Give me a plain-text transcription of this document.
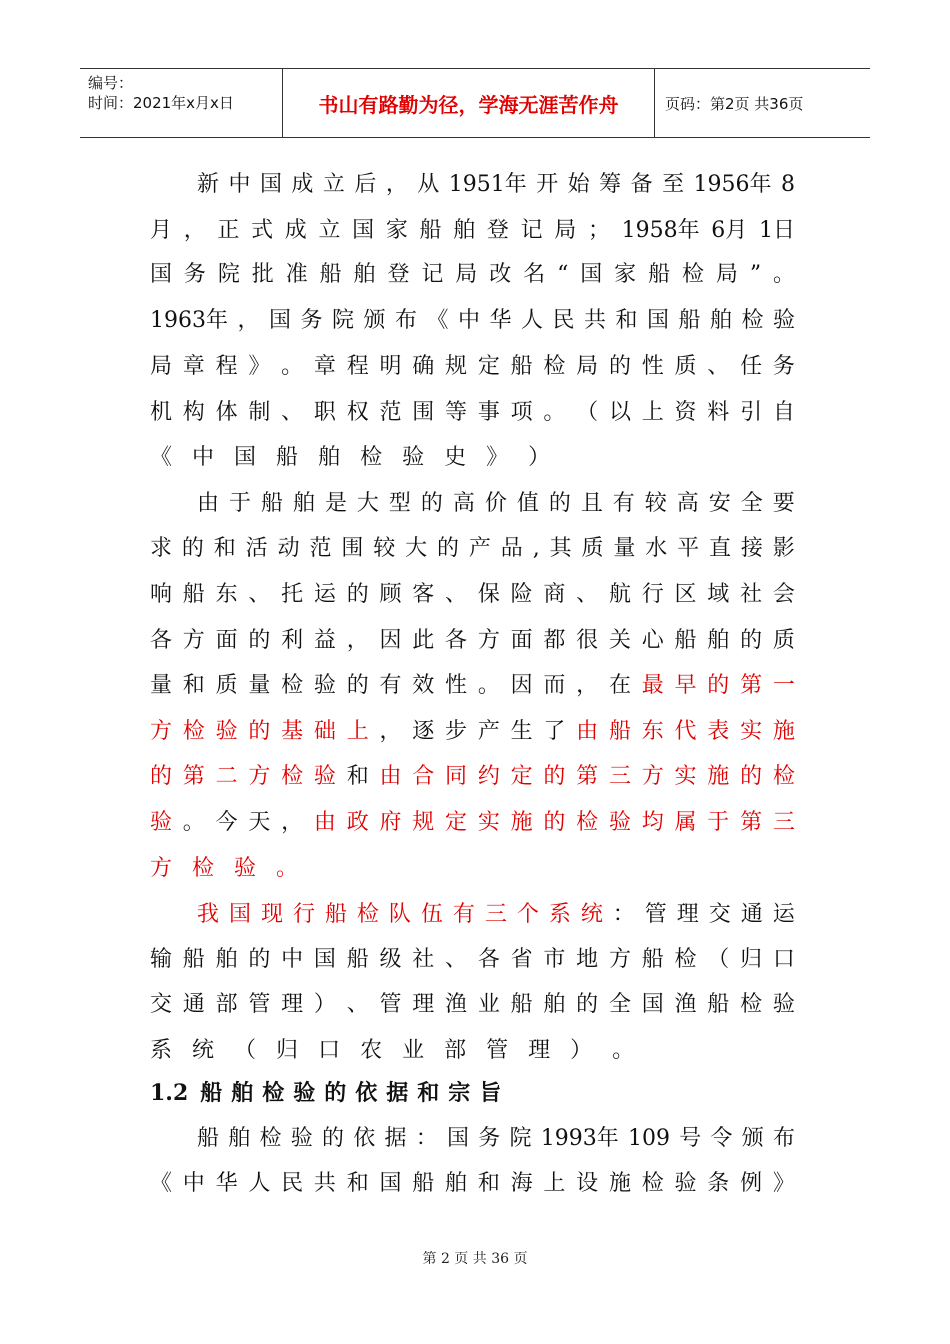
编号：
时间：2021年x月x日	书山有路勤为径，学海无涯苦作舟	页码：第2页 共36页
新 中 国 成 立 后 ， 从 1951年 开 始 筹 备 至 1956年 8
月 ， 正 式 成 立 国 家 船 舶 登 记 局 ； 1958年 6月 1日
国 务 院 批 准 船 舶 登 记 局 改 名 “ 国 家 船 检 局 ” 。
1963年 ， 国 务 院 颁 布 《 中 华 人 民 共 和 国 船 舶 检 验
局 章 程 》 。 章 程 明 确 规 定 船 检 局 的 性 质 、 任 务
机 构 体 制 、 职 权 范 围 等 事 项 。 （ 以 上 资 料 引 自
《 中 国 船 舶 检 验 史 》 ）
由 于 船 舶 是 大 型 的 高 价 值 的 且 有 较 高 安 全 要
求 的 和 活 动 范 围 较 大 的 产 品 , 其 质 量 水 平 直 接 影
响 船 东 、 托 运 的 顾 客 、 保 险 商 、 航 行 区 域 社 会
各 方 面 的 利 益 ， 因 此 各 方 面 都 很 关 心 船 舶 的 质
量 和 质 量 检 验 的 有 效 性 。 因 而 ， 在 最 早 的 第 一
方 检 验 的 基 础 上 ， 逐 步 产 生 了 由 船 东 代 表 实 施
的 第 二 方 检 验 和 由 合 同 约 定 的 第 三 方 实 施 的 检
验 。 今 天 ， 由 政 府 规 定 实 施 的 检 验 均 属 于 第 三
方 检 验 。
我 国 现 行 船 检 队 伍 有 三 个 系 统 ： 管 理 交 通 运
输 船 舶 的 中 国 船 级 社 、 各 省 市 地 方 船 检 （ 归 口
交 通 部 管 理 ） 、 管 理 渔 业 船 舶 的 全 国 渔 船 检 验
系 统 （ 归 口 农 业 部 管 理 ） 。
船 舶 检 验 的 依 据 ： 国 务 院 1993年 109 号 令 颁 布
《 中 华 人 民 共 和 国 船 舶 和 海 上 设 施 检 验 条 例 》
1.2 船舶检验的依据和宗旨
第 2 页 共 36 页
